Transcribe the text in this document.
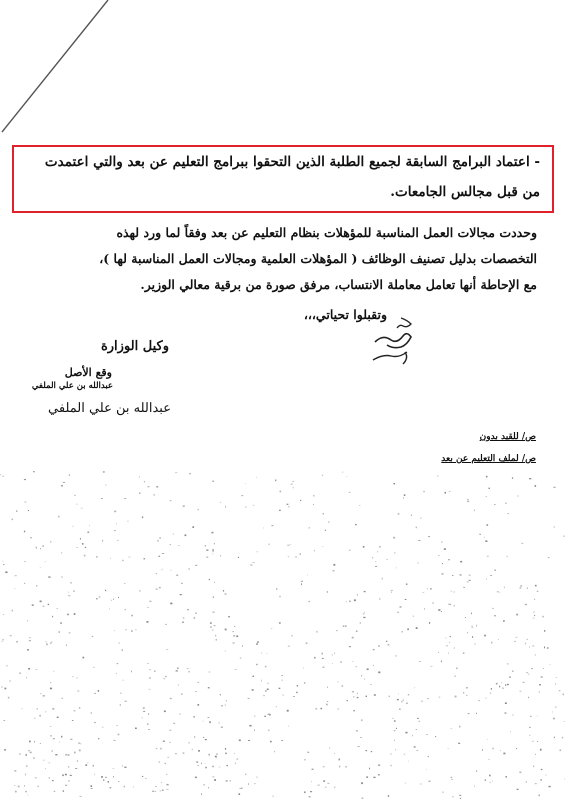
- اعتماد البرامج السابقة لجميع الطلبة الذين التحقوا ببرامج التعليم عن بعد والتي اعتمدت
من قبل مجالس الجامعات.
وحددت مجالات العمل المناسبة للمؤهلات بنظام التعليم عن بعد وفقاً لما ورد لهذه
التخصصات بدليل تصنيف الوظائف ( المؤهلات العلمية ومجالات العمل المناسبة لها )،
مع الإحاطة أنها تعامل معاملة الانتساب، مرفق صورة من برقية معالي الوزير.
وتقبلوا تحياتي،،،
وكيل الوزارة
وقع الأصل
عبدالله بن علي الملفي
عبدالله بن علي الملفي
ص/ للقيد بدون
ص/ لملف التعليم عن بعد
